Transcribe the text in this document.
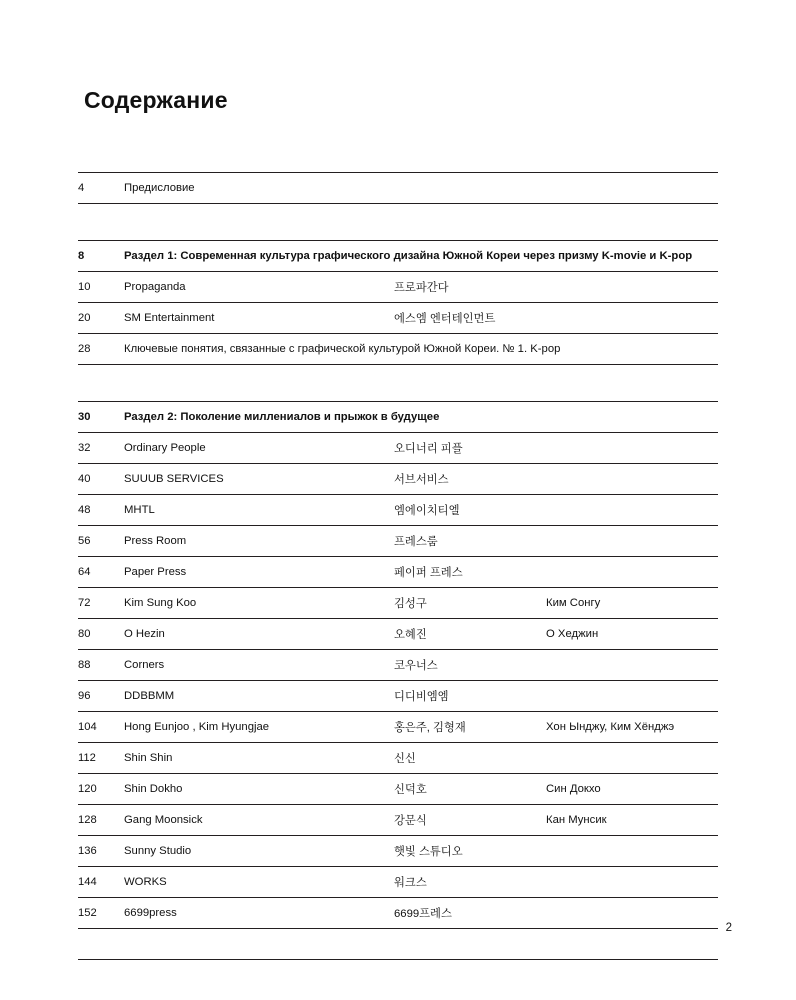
Содержание
4	Предисловие
8	Раздел 1: Современная культура графического дизайна Южной Кореи через призму K-movie и K-pop
10	Propaganda	프로파간다
20	SM Entertainment	에스엠 엔터테인먼트
28	Ключевые понятия, связанные с графической культурой Южной Кореи. № 1. K-pop
30	Раздел 2: Поколение миллениалов и прыжок в будущее
32	Ordinary People	오디너리 피플
40	SUUUB SERVICES	서브서비스
48	MHTL	엠에이치티엘
56	Press Room	프레스룸
64	Paper Press	페이퍼 프레스
72	Kim Sung Koo	김성구	Ким Сонгу
80	O Hezin	오혜진	О Хеджин
88	Corners	코우너스
96	DDBBMM	디디비엠엠
104	Hong Eunjoo , Kim Hyungjae	홍은주, 김형재	Хон Ынджу, Ким Хёнджэ
112	Shin Shin	신신
120	Shin Dokho	신덕호	Син Докхо
128	Gang Moonsick	강문식	Кан Мунсик
136	Sunny Studio	햇빛 스튜디오
144	WORKS	워크스
152	6699press	6699프레스
2
